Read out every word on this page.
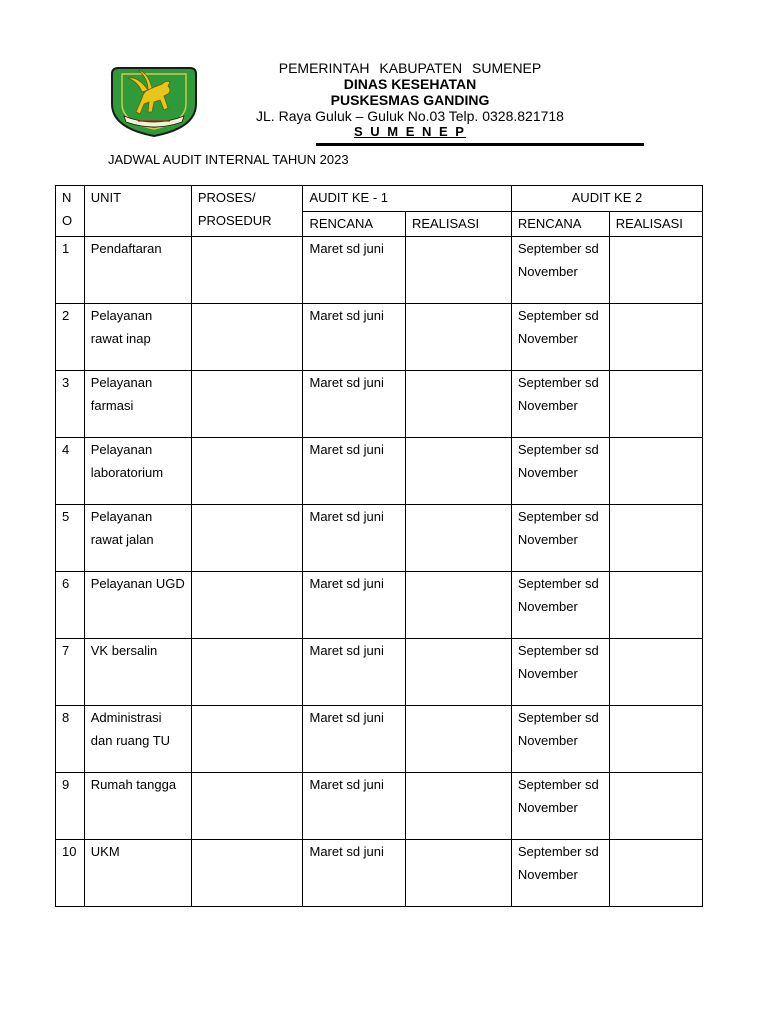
PEMERINTAH KABUPATEN SUMENEP
DINAS KESEHATAN
PUSKESMAS GANDING
JL. Raya Guluk – Guluk No.03 Telp. 0328.821718
S U M E N E P
JADWAL AUDIT INTERNAL TAHUN 2023
N O	UNIT	PROSES/ PROSEDUR	AUDIT KE - 1		AUDIT KE 2	
			RENCANA	REALISASI	RENCANA	REALISASI
1	Pendaftaran		Maret sd juni		September sd November	
2	Pelayanan rawat inap		Maret sd juni		September sd November	
3	Pelayanan farmasi		Maret sd juni		September sd November	
4	Pelayanan laboratorium		Maret sd juni		September sd November	
5	Pelayanan rawat jalan		Maret sd juni		September sd November	
6	Pelayanan UGD		Maret sd juni		September sd November	
7	VK bersalin		Maret sd juni		September sd November	
8	Administrasi dan ruang TU		Maret sd juni		September sd November	
9	Rumah tangga		Maret sd juni		September sd November	
10	UKM		Maret sd juni		September sd November	
